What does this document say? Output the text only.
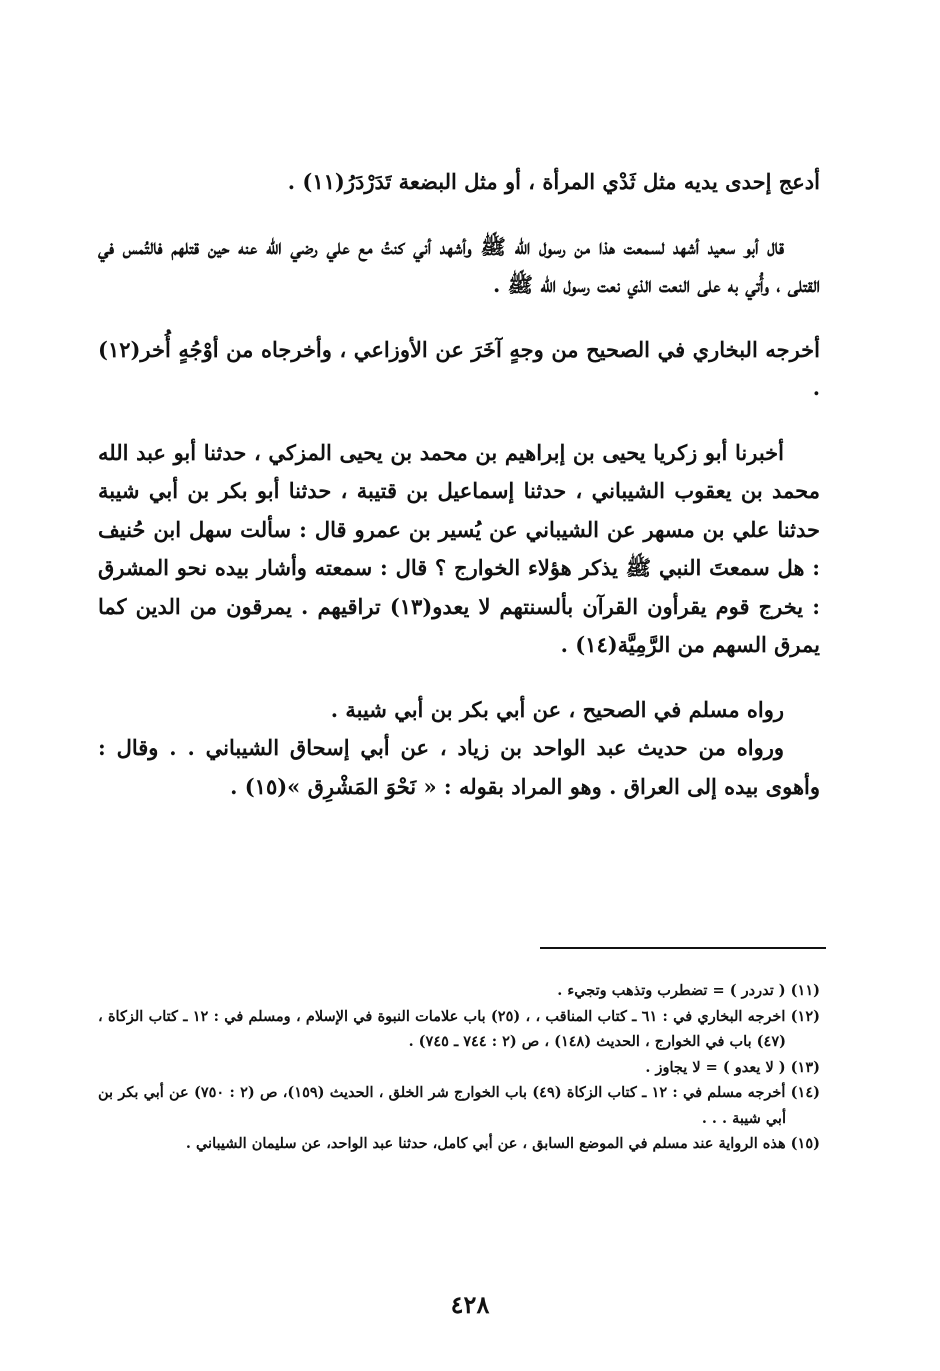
أدعج إحدى يديه مثل ثَدْي المرأة ، أو مثل البضعة تَدَرْدَرُ(١١) .

قال أبو سعيد أشهد لسمعت هذا من رسول الله ﷺ وأشهد أني كنتُ مع علي رضي الله عنه حين قتلهم فالتُمس في القتلى ، وأُتي به على النعت الذي نعت رسول الله ﷺ .

أخرجه البخاري في الصحيح من وجهٍ آخَرَ عن الأوزاعي ، وأخرجاه من أوْجُهٍ أُخر(١٢) .

أخبرنا أبو زكريا يحيى بن إبراهيم بن محمد بن يحيى المزكي ، حدثنا أبو عبد الله محمد بن يعقوب الشيباني ، حدثنا إسماعيل بن قتيبة ، حدثنا أبو بكر بن أبي شيبة حدثنا علي بن مسهر عن الشيباني عن يُسير بن عمرو قال : سألت سهل ابن حُنيف : هل سمعتَ النبي ﷺ يذكر هؤلاء الخوارج ؟ قال : سمعته وأشار بيده نحو المشرق : يخرج قوم يقرأون القرآن بألسنتهم لا يعدو(١٣) تراقيهم . يمرقون من الدين كما يمرق السهم من الرَّمِيَّة(١٤) .

رواه مسلم في الصحيح ، عن أبي بكر بن أبي شيبة .

ورواه من حديث عبد الواحد بن زياد ، عن أبي إسحاق الشيباني . . وقال : وأهوى بيده إلى العراق . وهو المراد بقوله : « نَحْوَ المَشْرِق »(١٥) .

(١١) ( تدردر ) = تضطرب وتذهب وتجيء .

(١٢) اخرجه البخاري في : ٦١ ـ كتاب المناقب ، ، (٢٥) باب علامات النبوة في الإسلام ، ومسلم في : ١٢ ـ كتاب الزكاة ، (٤٧) باب في الخوارج ، الحديث (١٤٨) ، ص (٢ : ٧٤٤ ـ ٧٤٥) .

(١٣) ( لا يعدو ) = لا يجاوز .

(١٤) أخرجه مسلم في : ١٢ ـ كتاب الزكاة (٤٩) باب الخوارج شر الخلق ، الحديث (١٥٩)، ص (٢ : ٧٥٠) عن أبي بكر بن أبي شيبة . . .

(١٥) هذه الرواية عند مسلم في الموضع السابق ، عن أبي كامل، حدثنا عبد الواحد، عن سليمان الشيباني .

٤٢٨
